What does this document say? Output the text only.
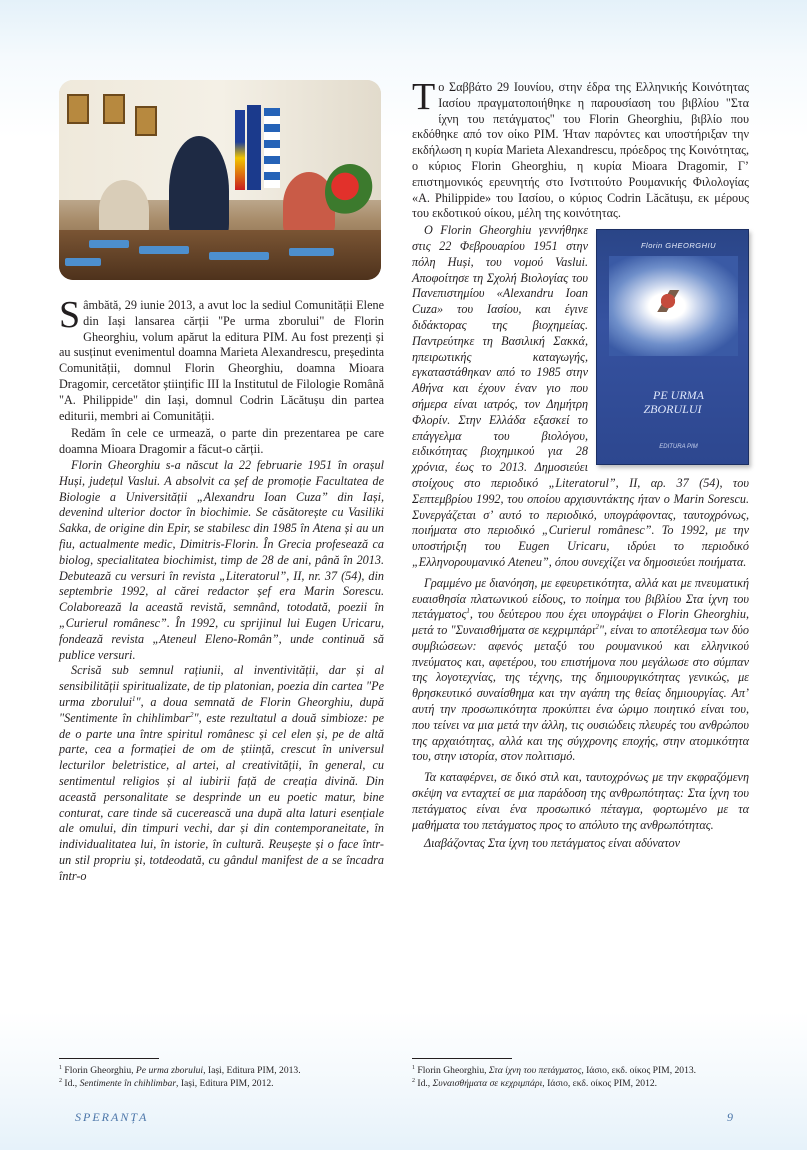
Sâmbătă, 29 iunie 2013, a avut loc la sediul Comunității Elene din Iași lansarea cărții "Pe urma zborului" de Florin Gheorghiu, volum apărut la editura PIM. Au fost prezenți și au susținut evenimentul doamna Marieta Alexandrescu, președinta Comunității, domnul Florin Gheorghiu, doamna Mioara Dragomir, cercetător științific III la Institutul de Filologie Română "A. Philippide" din Iași, domnul Codrin Lăcătușu din partea editurii, membri ai Comunității.

Redăm în cele ce urmează, o parte din prezentarea pe care doamna Mioara Dragomir a făcut-o cărții.

Florin Gheorghiu s-a născut la 22 februarie 1951 în orașul Huși, județul Vaslui. A absolvit ca șef de promoție Facultatea de Biologie a Universității „Alexandru Ioan Cuza” din Iași, devenind ulterior doctor în biochimie. Se căsătorește cu Vasiliki Sakka, de origine din Epir, se stabilesc din 1985 în Atena și au un fiu, actualmente medic, Dimitris-Florin. În Grecia profesează ca biolog, specialitatea biochimist, timp de 28 de ani, până în 2013. Debutează cu versuri în revista „Literatorul”, II, nr. 37 (54), din septembrie 1992, al cărei redactor șef era Marin Sorescu. Colaborează la această revistă, semnând, totodată, poezii în „Curierul românesc”. În 1992, cu sprijinul lui Eugen Uricaru, fondează revista „Ateneul Eleno-Român”, unde continuă să publice versuri.

Scrisă sub semnul rațiunii, al inventivității, dar și al sensibilității spiritualizate, de tip platonian, poezia din cartea "Pe urma zborului$^1$", a doua semnată de Florin Gheorghiu, după "Sentimente în chihlimbar$^2$", este rezultatul a două simbioze: pe de o parte una între spiritul românesc și cel elen și, pe de altă parte, cea a formației de om de știință, crescut în universul lecturilor beletristice, al artei, al creativității, în general, cu sentimentul religios și al iubirii față de creația divină. Din această personalitate se desprinde un eu poetic matur, bine conturat, care tinde să cucerească una după alta laturi esențiale ale omului, din timpuri vechi, dar și din contemporaneitate, în individualitatea lui, în istorie, în cultură. Reușește și o face într-un stil propriu și, totdeodată, cu gândul manifest de a se încadra într-o

Το Σαββάτο 29 Ιουνίου, στην έδρα της Ελληνικής Κοινότητας Ιασίου πραγματοποιήθηκε η παρουσίαση του βιβλίου "Στα ίχνη του πετάγματος" του Florin Gheorghiu, βιβλίο που εκδόθηκε από τον οίκο PIM. Ήταν παρόντες και υποστήριξαν την εκδήλωση η κυρία Marieta Alexandrescu, πρόεδρος της Κοινότητας, ο κύριος Florin Gheorghiu, η κυρία Mioara Dragomir, Γ’ επιστημονικός ερευνητής στο Ινστιτούτο Ρουμανικής Φιλολογίας «A. Philippide» του Ιασίου, ο κύριος Codrin Lăcătușu, εκ μέρους του εκδοτικού οίκου, μέλη της κοινότητας.

Florin GHEORGHIU
PE URMA
ZBORULUI
EDITURA PIM
O Florin Gheorghiu γεννήθηκε στις 22 Φεβρουαρίου 1951 στην πόλη Huși, του νομού Vaslui. Αποφοίτησε τη Σχολή Βιολογίας του Πανεπιστημίου «Alexandru Ioan Cuza» του Ιασίου, και έγινε διδάκτορας της βιοχημείας. Παντρεύτηκε τη Βασιλική Σακκά, ηπειρωτικής καταγωγής, εγκαταστάθηκαν από το 1985 στην Αθήνα και έχουν έναν γιο που σήμερα είναι ιατρός, τον Δημήτρη Φλορίν. Στην Ελλάδα εξασκεί το επάγγελμα του βιολόγου, ειδικότητας βιοχημικού για 28 χρόνια, έως το 2013. Δημοσιεύει στοίχους στο περιοδικό „Literatorul”, II, αρ. 37 (54), του Σεπτεμβρίου 1992, του οποίου αρχισυντάκτης ήταν ο Marin Sorescu. Συνεργάζεται σ’ αυτό το περιοδικό, υπογράφοντας, ταυτοχρόνως, ποιήματα στο περιοδικό „Curierul românesc”. Το 1992, με την υποστήριξη του Eugen Uricaru, ιδρύει το περιοδικό „Ελληνορουμανικό Ateneu”, όπου συνεχίζει να δημοσιεύει ποιήματα.

Γραμμένο με διανόηση, με εφευρετικότητα, αλλά και με πνευματική ευαισθησία πλατωνικού είδους, το ποίημα του βιβλίου Στα ίχνη του πετάγματος$^1$, του δεύτερου που έχει υπογράψει ο Florin Gheorghiu, μετά το "Συναισθήματα σε κεχριμπάρι$^2$", είναι το αποτέλεσμα των δύο συμβιώσεων: αφενός μεταξύ του ρουμανικού και ελληνικού πνεύματος και, αφετέρου, του επιστήμονα που μεγάλωσε στο σύμπαν της λογοτεχνίας, της τέχνης, της δημιουργικότητας γενικώς, με θρησκευτικό συναίσθημα και την αγάπη της θείας δημιουργίας. Απ’ αυτή την προσωπικότητα προκύπτει ένα ώριμο ποιητικό είναι του, που τείνει να μια μετά την άλλη, τις ουσιώδεις πλευρές του ανθρώπου της αρχαιότητας, αλλά και της σύγχρονης εποχής, στην ατομικότητα του, στην ιστορία, στον πολιτισμό.

Τα καταφέρνει, σε δικό στιλ και, ταυτοχρόνως με την εκφραζόμενη σκέψη να ενταχτεί σε μια παράδοση της ανθρωπότητας: Στα ίχνη του πετάγματος είναι ένα προσωπικό πέταγμα, φορτωμένο με τα μαθήματα του πετάγματος προς το απόλυτο της ανθρωπότητας.

Διαβάζοντας Στα ίχνη του πετάγματος είναι αδύνατον

$^1$ Florin Gheorghiu, Pe urma zborului, Iași, Editura PIM, 2013.
$^2$ Id., Sentimente în chihlimbar, Iași, Editura PIM, 2012.
$^1$ Florin Gheorghiu, Στα ίχνη του πετάγματος, Ιάσιο, εκδ. οίκος PIM, 2013.
$^2$ Id., Συναισθήματα σε κεχριμπάρι, Ιάσιο, εκδ. οίκος PIM, 2012.
SPERANȚA	9
